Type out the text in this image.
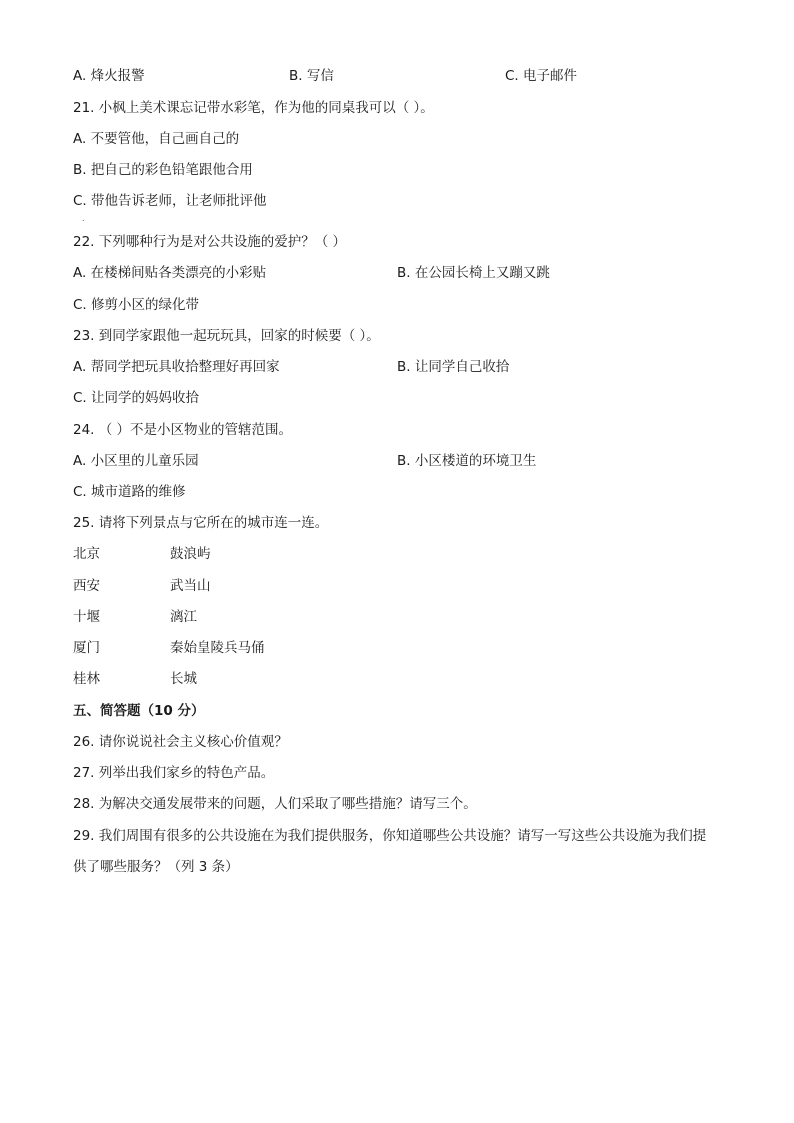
A. 烽火报警	B. 写信	C. 电子邮件
21. 小枫上美术课忘记带水彩笔，作为他的同桌我可以（ ）。
A. 不要管他，自己画自己的
B. 把自己的彩色铅笔跟他合用
C. 带他告诉老师，让老师批评他
.
22. 下列哪种行为是对公共设施的爱护？（ ）
A. 在楼梯间贴各类漂亮的小彩贴	B. 在公园长椅上又蹦又跳
C. 修剪小区的绿化带
23. 到同学家跟他一起玩玩具，回家的时候要（ ）。
A. 帮同学把玩具收拾整理好再回家	B. 让同学自己收拾
C. 让同学的妈妈收拾
24. （ ）不是小区物业的管辖范围。
A. 小区里的儿童乐园	B. 小区楼道的环境卫生
C. 城市道路的维修
25. 请将下列景点与它所在的城市连一连。
北京	鼓浪屿
西安	武当山
十堰	漓江
厦门	秦始皇陵兵马俑
桂林	长城
五、简答题（10 分）
26. 请你说说社会主义核心价值观？
27. 列举出我们家乡的特色产品。
28. 为解决交通发展带来的问题，人们采取了哪些措施？请写三个。
29. 我们周围有很多的公共设施在为我们提供服务，你知道哪些公共设施？请写一写这些公共设施为我们提
供了哪些服务？（列 3 条）
